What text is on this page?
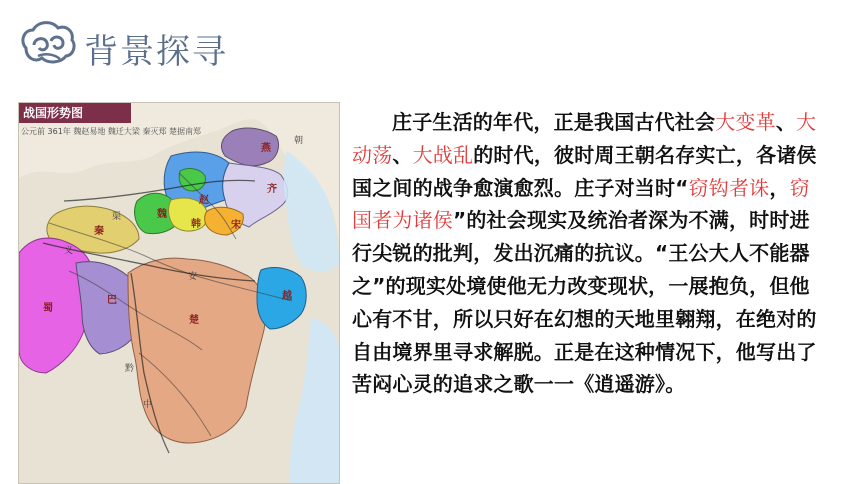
背景探寻
战国形势图
公元前 361年 魏赵易地 魏迁大梁 秦灭郑 楚据南郑
燕
齐
赵
魏
韩	宋
秦
巴
蜀
楚
越
义
黔
中
渠
安
朝
庄子生活的年代，正是我国古代社会大变革、大动荡、大战乱的时代，彼时周王朝名存实亡，各诸侯国之间的战争愈演愈烈。庄子对当时“窃钩者诛，窃国者为诸侯”的社会现实及统治者深为不满，时时进行尖锐的批判，发出沉痛的抗议。“王公大人不能器之”的现实处境使他无力改变现状，一展抱负，但他心有不甘，所以只好在幻想的天地里翱翔，在绝对的自由境界里寻求解脱。正是在这种情况下，他写出了苦闷心灵的追求之歌一一《逍遥游》。
